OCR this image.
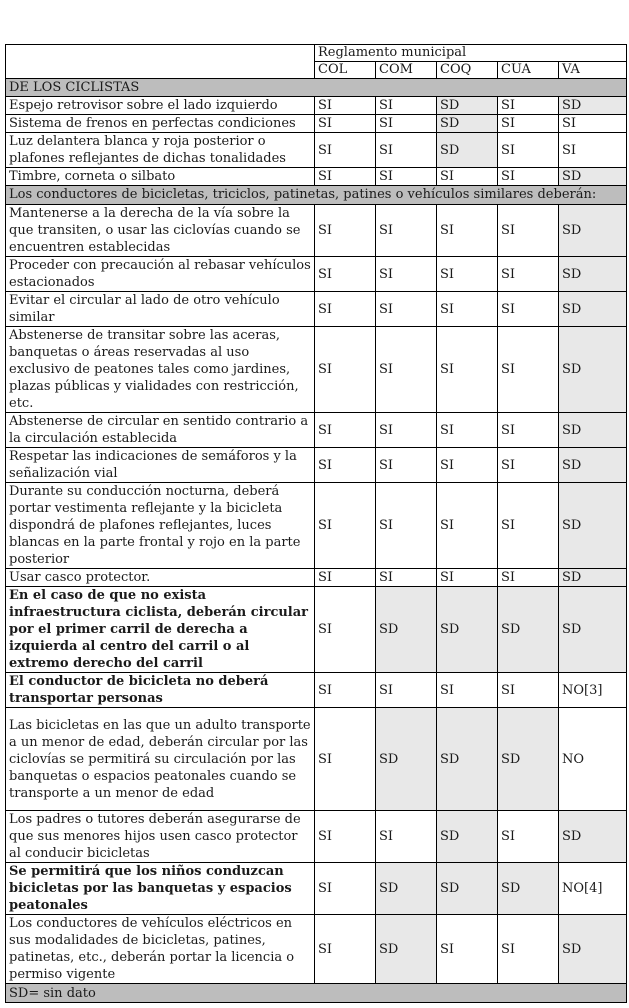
	Reglamento municipal				
	COL	COM	COQ	CUA	VA
DE LOS CICLISTAS					
Espejo retrovisor sobre el lado izquierdo	SI	SI	SD	SI	SD
Sistema de frenos en perfectas condiciones	SI	SI	SD	SI	SI
Luz delantera blanca y roja posterior o plafones reflejantes de dichas tonalidades	SI	SI	SD	SI	SI
Timbre, corneta o silbato	SI	SI	SI	SI	SD
Los conductores de bicicletas, triciclos, patinetas, patines o vehículos similares deberán:					
Mantenerse a la derecha de la vía sobre la que transiten, o usar las ciclovías cuando se encuentren establecidas	SI	SI	SI	SI	SD
Proceder con precaución al rebasar vehículos estacionados	SI	SI	SI	SI	SD
Evitar el circular al lado de otro vehículo similar	SI	SI	SI	SI	SD
Abstenerse de transitar sobre las aceras, banquetas o áreas reservadas al uso exclusivo de peatones tales como jardines, plazas públicas y vialidades con restricción, etc.	SI	SI	SI	SI	SD
Abstenerse de circular en sentido contrario a la circulación establecida	SI	SI	SI	SI	SD
Respetar las indicaciones de semáforos y la señalización vial	SI	SI	SI	SI	SD
Durante su conducción nocturna, deberá portar vestimenta reflejante y la bicicleta dispondrá de plafones reflejantes, luces blancas en la parte frontal y rojo en la parte posterior	SI	SI	SI	SI	SD
Usar casco protector.	SI	SI	SI	SI	SD
En el caso de que no exista infraestructura ciclista, deberán circular por el primer carril de derecha a izquierda al centro del carril o al extremo derecho del carril	SI	SD	SD	SD	SD
El conductor de bicicleta no deberá transportar personas	SI	SI	SI	SI	NO[3]
Las bicicletas en las que un adulto transporte a un menor de edad, deberán circular por las ciclovías se permitirá su circulación por las banquetas o espacios peatonales cuando se transporte a un menor de edad	SI	SD	SD	SD	NO
Los padres o tutores deberán asegurarse de que sus menores hijos usen casco protector al conducir bicicletas	SI	SI	SD	SI	SD
Se permitirá que los niños conduzcan bicicletas por las banquetas y espacios peatonales	SI	SD	SD	SD	NO[4]
Los conductores de vehículos eléctricos en sus modalidades de bicicletas, patines, patinetas, etc., deberán portar la licencia o permiso vigente	SI	SD	SI	SI	SD
SD= sin dato					
